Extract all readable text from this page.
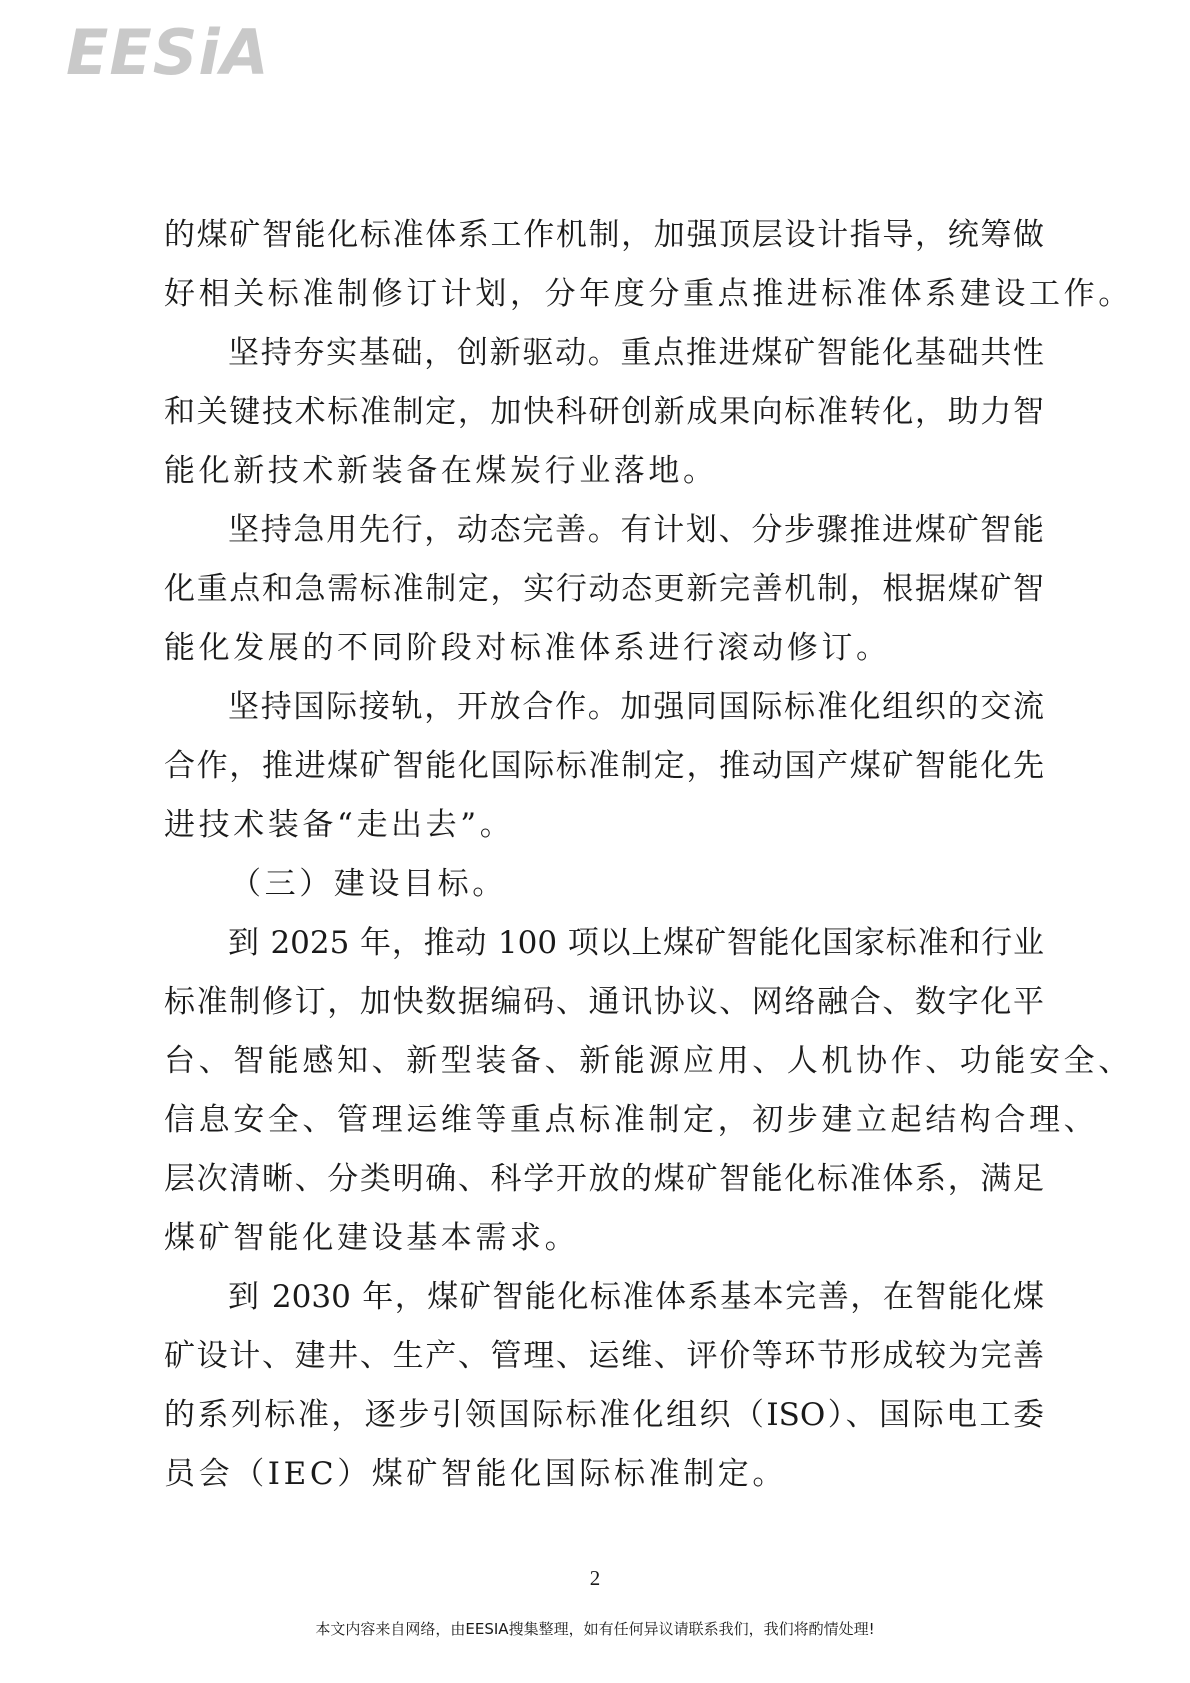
EESiA
的煤矿智能化标准体系工作机制，加强顶层设计指导，统筹做
好相关标准制修订计划，分年度分重点推进标准体系建设工作。
坚持夯实基础，创新驱动。重点推进煤矿智能化基础共性
和关键技术标准制定，加快科研创新成果向标准转化，助力智
能化新技术新装备在煤炭行业落地。
坚持急用先行，动态完善。有计划、分步骤推进煤矿智能
化重点和急需标准制定，实行动态更新完善机制，根据煤矿智
能化发展的不同阶段对标准体系进行滚动修订。
坚持国际接轨，开放合作。加强同国际标准化组织的交流
合作，推进煤矿智能化国际标准制定，推动国产煤矿智能化先
进技术装备“走出去”。
（三）建设目标。
到 2025 年，推动 100 项以上煤矿智能化国家标准和行业
标准制修订，加快数据编码、通讯协议、网络融合、数字化平
台、智能感知、新型装备、新能源应用、人机协作、功能安全、
信息安全、管理运维等重点标准制定，初步建立起结构合理、
层次清晰、分类明确、科学开放的煤矿智能化标准体系，满足
煤矿智能化建设基本需求。
到 2030 年，煤矿智能化标准体系基本完善，在智能化煤
矿设计、建井、生产、管理、运维、评价等环节形成较为完善
的系列标准，逐步引领国际标准化组织（ISO）、国际电工委
员会（IEC）煤矿智能化国际标准制定。
2
本文内容来自网络，由EESIA搜集整理，如有任何异议请联系我们，我们将酌情处理!
